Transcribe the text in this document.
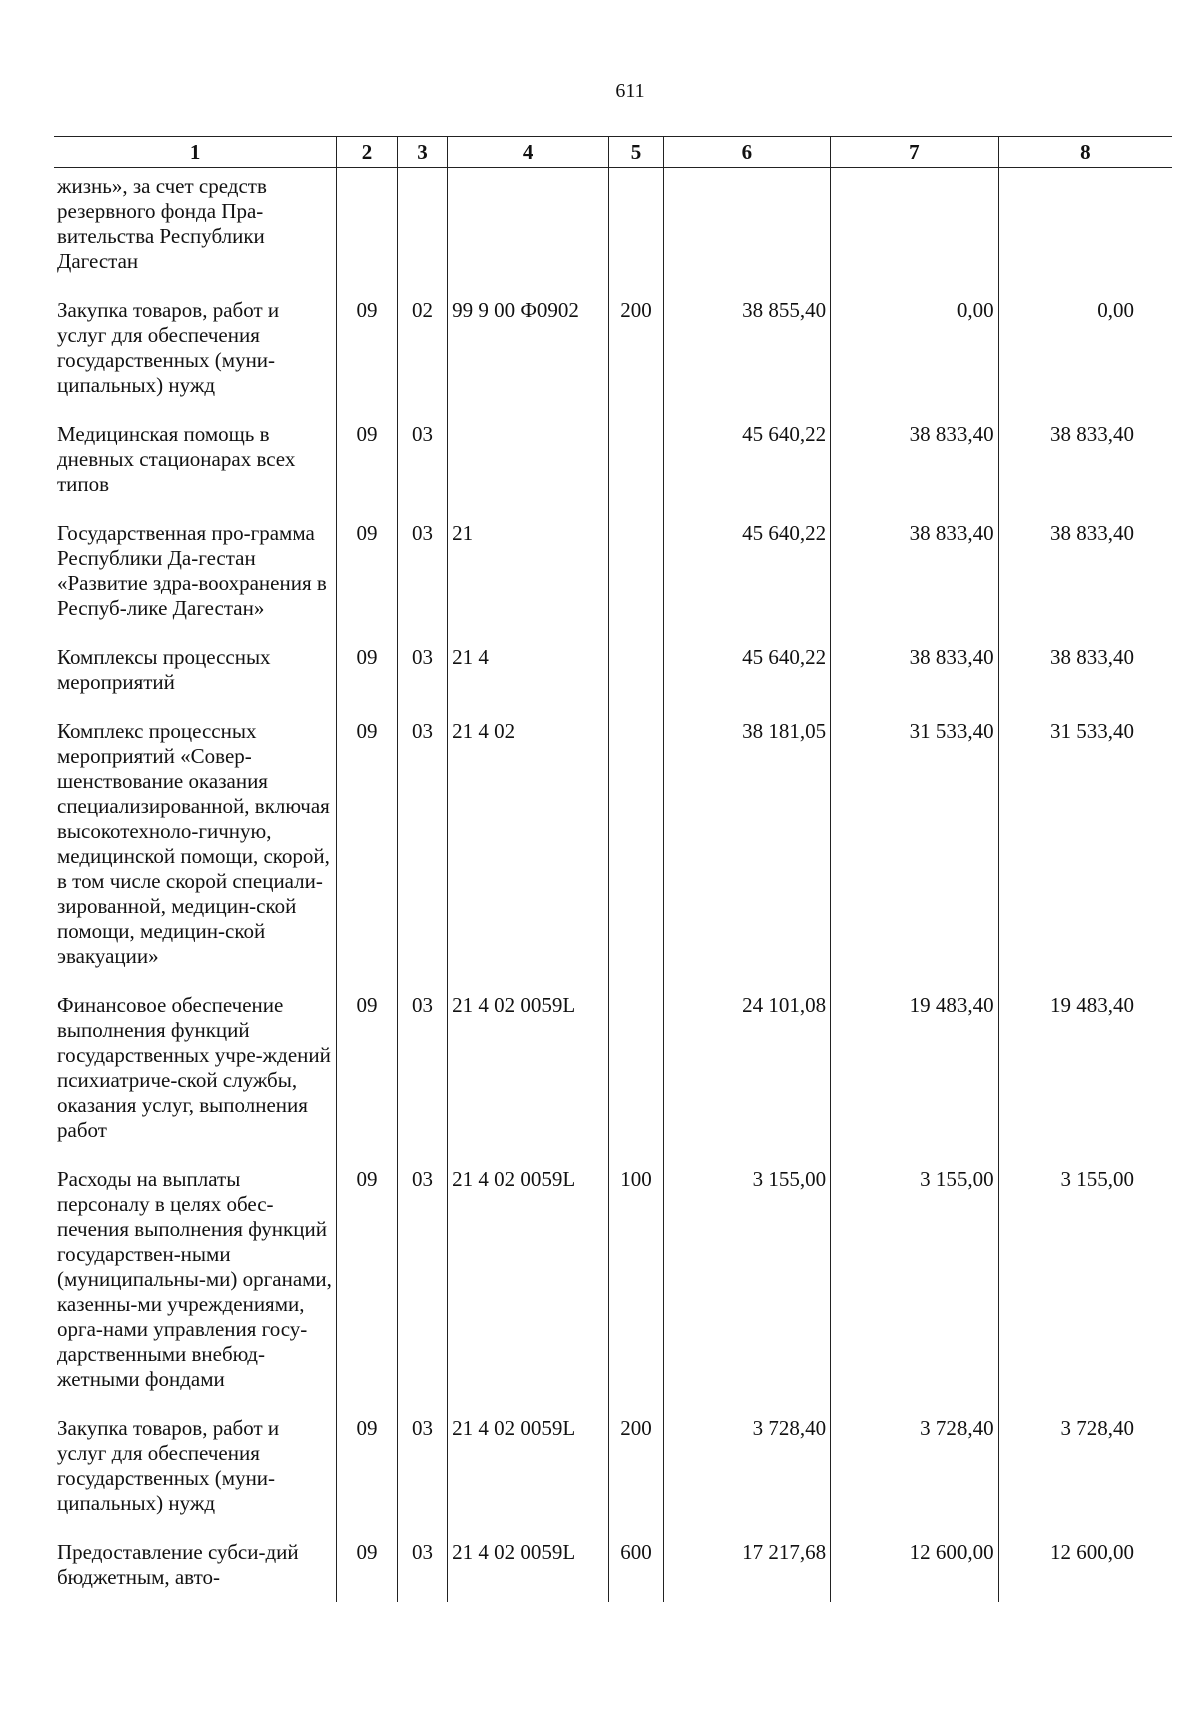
611
1	2	3	4	5	6	7	8
жизнь», за счет средств резервного фонда Пра-вительства Республики Дагестан							
Закупка товаров, работ и услуг для обеспечения государственных (муни-ципальных) нужд	09	02	99 9 00 Ф0902	200	38 855,40	0,00	0,00
Медицинская помощь в дневных стационарах всех типов	09	03			45 640,22	38 833,40	38 833,40
Государственная про-грамма Республики Да-гестан «Развитие здра-воохранения в Респуб-лике Дагестан»	09	03	21		45 640,22	38 833,40	38 833,40
Комплексы процессных мероприятий	09	03	21 4		45 640,22	38 833,40	38 833,40
Комплекс процессных мероприятий «Совер-шенствование оказания специализированной, включая высокотехноло-гичную, медицинской помощи, скорой, в том числе скорой специали-зированной, медицин-ской помощи, медицин-ской эвакуации»	09	03	21 4 02		38 181,05	31 533,40	31 533,40
Финансовое обеспечение выполнения функций государственных учре-ждений психиатриче-ской службы, оказания услуг, выполнения работ	09	03	21 4 02 0059L		24 101,08	19 483,40	19 483,40
Расходы на выплаты персоналу в целях обес-печения выполнения функций государствен-ными (муниципальны-ми) органами, казенны-ми учреждениями, орга-нами управления госу-дарственными внебюд-жетными фондами	09	03	21 4 02 0059L	100	3 155,00	3 155,00	3 155,00
Закупка товаров, работ и услуг для обеспечения государственных (муни-ципальных) нужд	09	03	21 4 02 0059L	200	3 728,40	3 728,40	3 728,40
Предоставление субси-дий бюджетным, авто-	09	03	21 4 02 0059L	600	17 217,68	12 600,00	12 600,00
